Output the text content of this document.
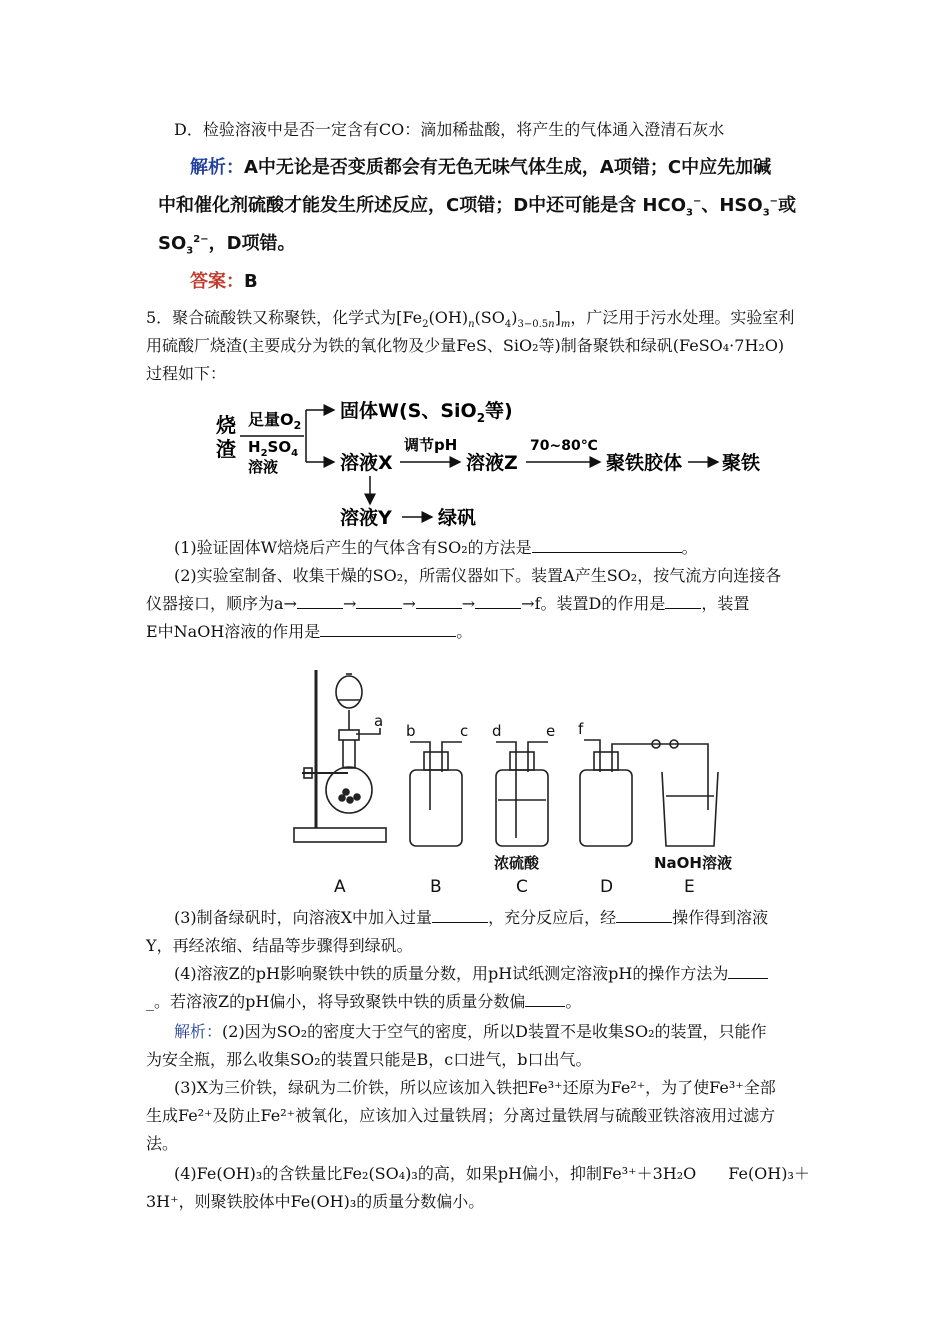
D．检验溶液中是否一定含有CO：滴加稀盐酸，将产生的气体通入澄清石灰水
解析：A中无论是否变质都会有无色无味气体生成，A项错；C中应先加碱
中和催化剂硫酸才能发生所述反应，C项错；D中还可能是含 $HCO_3^-$、$HSO_3^-$或
$SO_3^{2-}$，D项错。
答案：B
5．聚合硫酸铁又称聚铁，化学式为$[Fe_2(OH)_n(SO_4)_{3-0.5n}]_m$，广泛用于污水处理。实验室利
用硫酸厂烧渣(主要成分为铁的氧化物及少量FeS、SiO₂等)制备聚铁和绿矾(FeSO₄·7H₂O)
过程如下：
烧
渣
足量$O_2$
$H_2SO_4$
溶液
固体W(S、SiO$_2$等)
溶液X
调节pH
溶液Z
70~80℃
聚铁胶体 聚铁
溶液Y 绿矾
(1)验证固体W焙烧后产生的气体含有SO₂的方法是	。
(2)实验室制备、收集干燥的SO₂，所需仪器如下。装置A产生SO₂，按气流方向连接各
仪器接口，顺序为a→	→	→	→	→f。装置D的作用是 ，装置
E中NaOH溶液的作用是	。
a
b	c d	e f
浓硫酸	NaOH溶液
A	B	C	D	E
(3)制备绿矾时，向溶液X中加入过量	，充分反应后，经	操作得到溶液
Y，再经浓缩、结晶等步骤得到绿矾。
(4)溶液Z的pH影响聚铁中铁的质量分数，用pH试纸测定溶液pH的操作方法为
_。若溶液Z的pH偏小，将导致聚铁中铁的质量分数偏	。
解析：(2)因为SO₂的密度大于空气的密度，所以D装置不是收集SO₂的装置，只能作
为安全瓶，那么收集SO₂的装置只能是B，c口进气，b口出气。
(3)X为三价铁，绿矾为二价铁，所以应该加入铁把Fe³⁺还原为Fe²⁺，为了使Fe³⁺全部
生成Fe²⁺及防止Fe²⁺被氧化，应该加入过量铁屑；分离过量铁屑与硫酸亚铁溶液用过滤方
法。
(4)Fe(OH)₃的含铁量比Fe₂(SO₄)₃的高，如果pH偏小，抑制Fe³⁺＋3H₂O　　Fe(OH)₃＋
3H⁺，则聚铁胶体中Fe(OH)₃的质量分数偏小。
